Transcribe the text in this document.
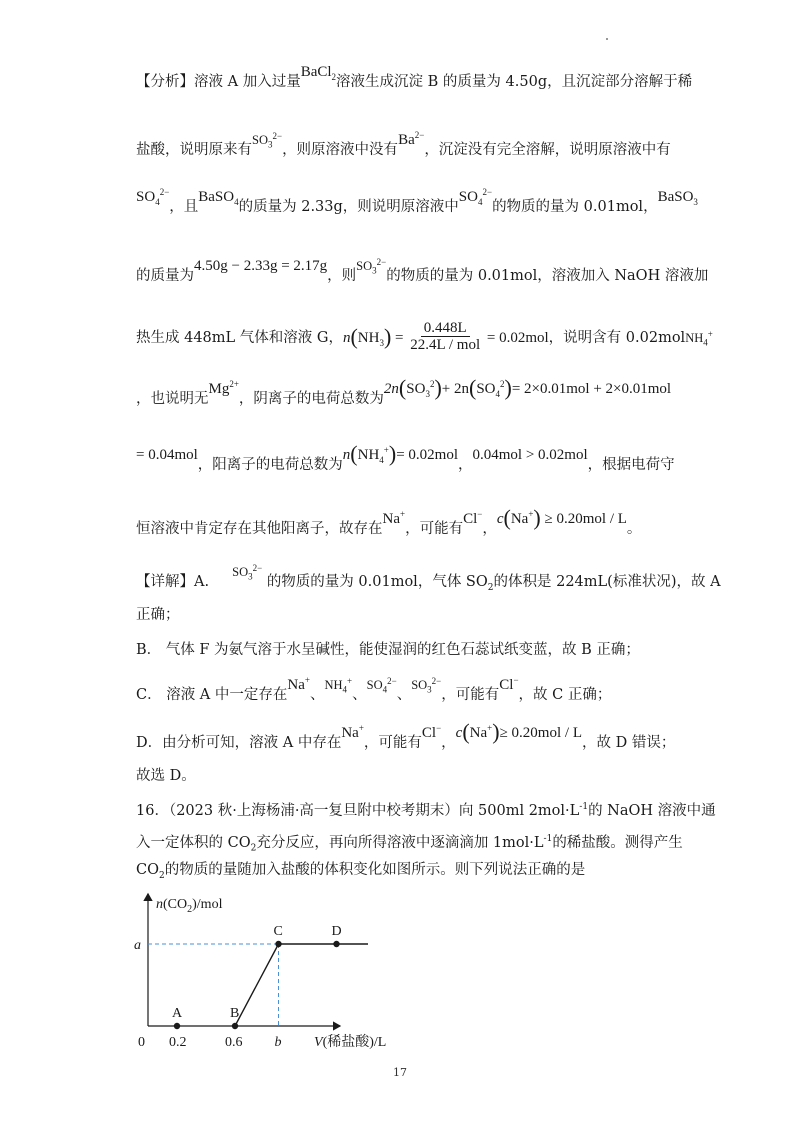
【分析】溶液 A 加入过量BaCl$_2$溶液生成沉淀 B 的质量为 4.50g，且沉淀部分溶解于稀
盐酸，说明原来有$SO_3^{2-}$，则原溶液中没有$Ba^{2-}$，沉淀没有完全溶解，说明原溶液中有
$SO_4^{2-}$，且BaSO$_4$的质量为 2.33g，则说明原溶液中$SO_4^{2-}$的物质的量为 0.01mol，BaSO$_3$
的质量为4.50g − 2.33g = 2.17g，则$SO_3^{2-}$的物质的量为 0.01mol，溶液加入 NaOH 溶液加
热生成 448mL 气体和溶液 G，$n(NH_3) = \frac{0.448L}{\text{22.4L / mol}} = 0.02mol$，说明含有 0.02molNH$_4$+
，也说明无$Mg^{2+}$，阴离子的电荷总数为$2n(SO_3^2)+ 2n(SO_4^2)= 2\times 0.01mol + 2\times 0.01mol$
= 0.04mol，阳离子的电荷总数为$n(NH_4^+)= 0.02mol$，0.04mol > 0.02mol，根据电荷守
恒溶液中肯定存在其他阳离子，故存在Na+，可能有Cl−，c(Na+) ≥ 0.20mol / L。
【详解】A.     $SO_3^{2-}$ 的物质的量为 0.01mol，气体 $SO_2$的体积是 224mL(标准状况)，故 A
正确；
B． 气体 F 为氨气溶于水呈碱性，能使湿润的红色石蕊试纸变蓝，故 B 正确；
C． 溶液 A 中一定存在Na+、$NH_4^+$、$SO_4^{2-}$、$SO_3^{2-}$，可能有Cl−，故 C 正确；
D．由分析可知，溶液 A 中存在Na+，可能有Cl−，c(Na+)≥ 0.20mol / L，故 D 错误；
故选 D。
16．（2023 秋·上海杨浦·高一复旦附中校考期末）向 500ml $2mol\cdot L^{-1}$的 NaOH 溶液中通
入一定体积的 $CO_2$充分反应，再向所得溶液中逐滴滴加 $1mol\cdot L^{-1}$的稀盐酸。测得产生
$CO_2$的物质的量随加入盐酸的体积变化如图所示。则下列说法正确的是
$n(CO_2)$/mol
A	B
C	D
0 0.2	0.6 b
a
V(稀盐酸)/L
17
